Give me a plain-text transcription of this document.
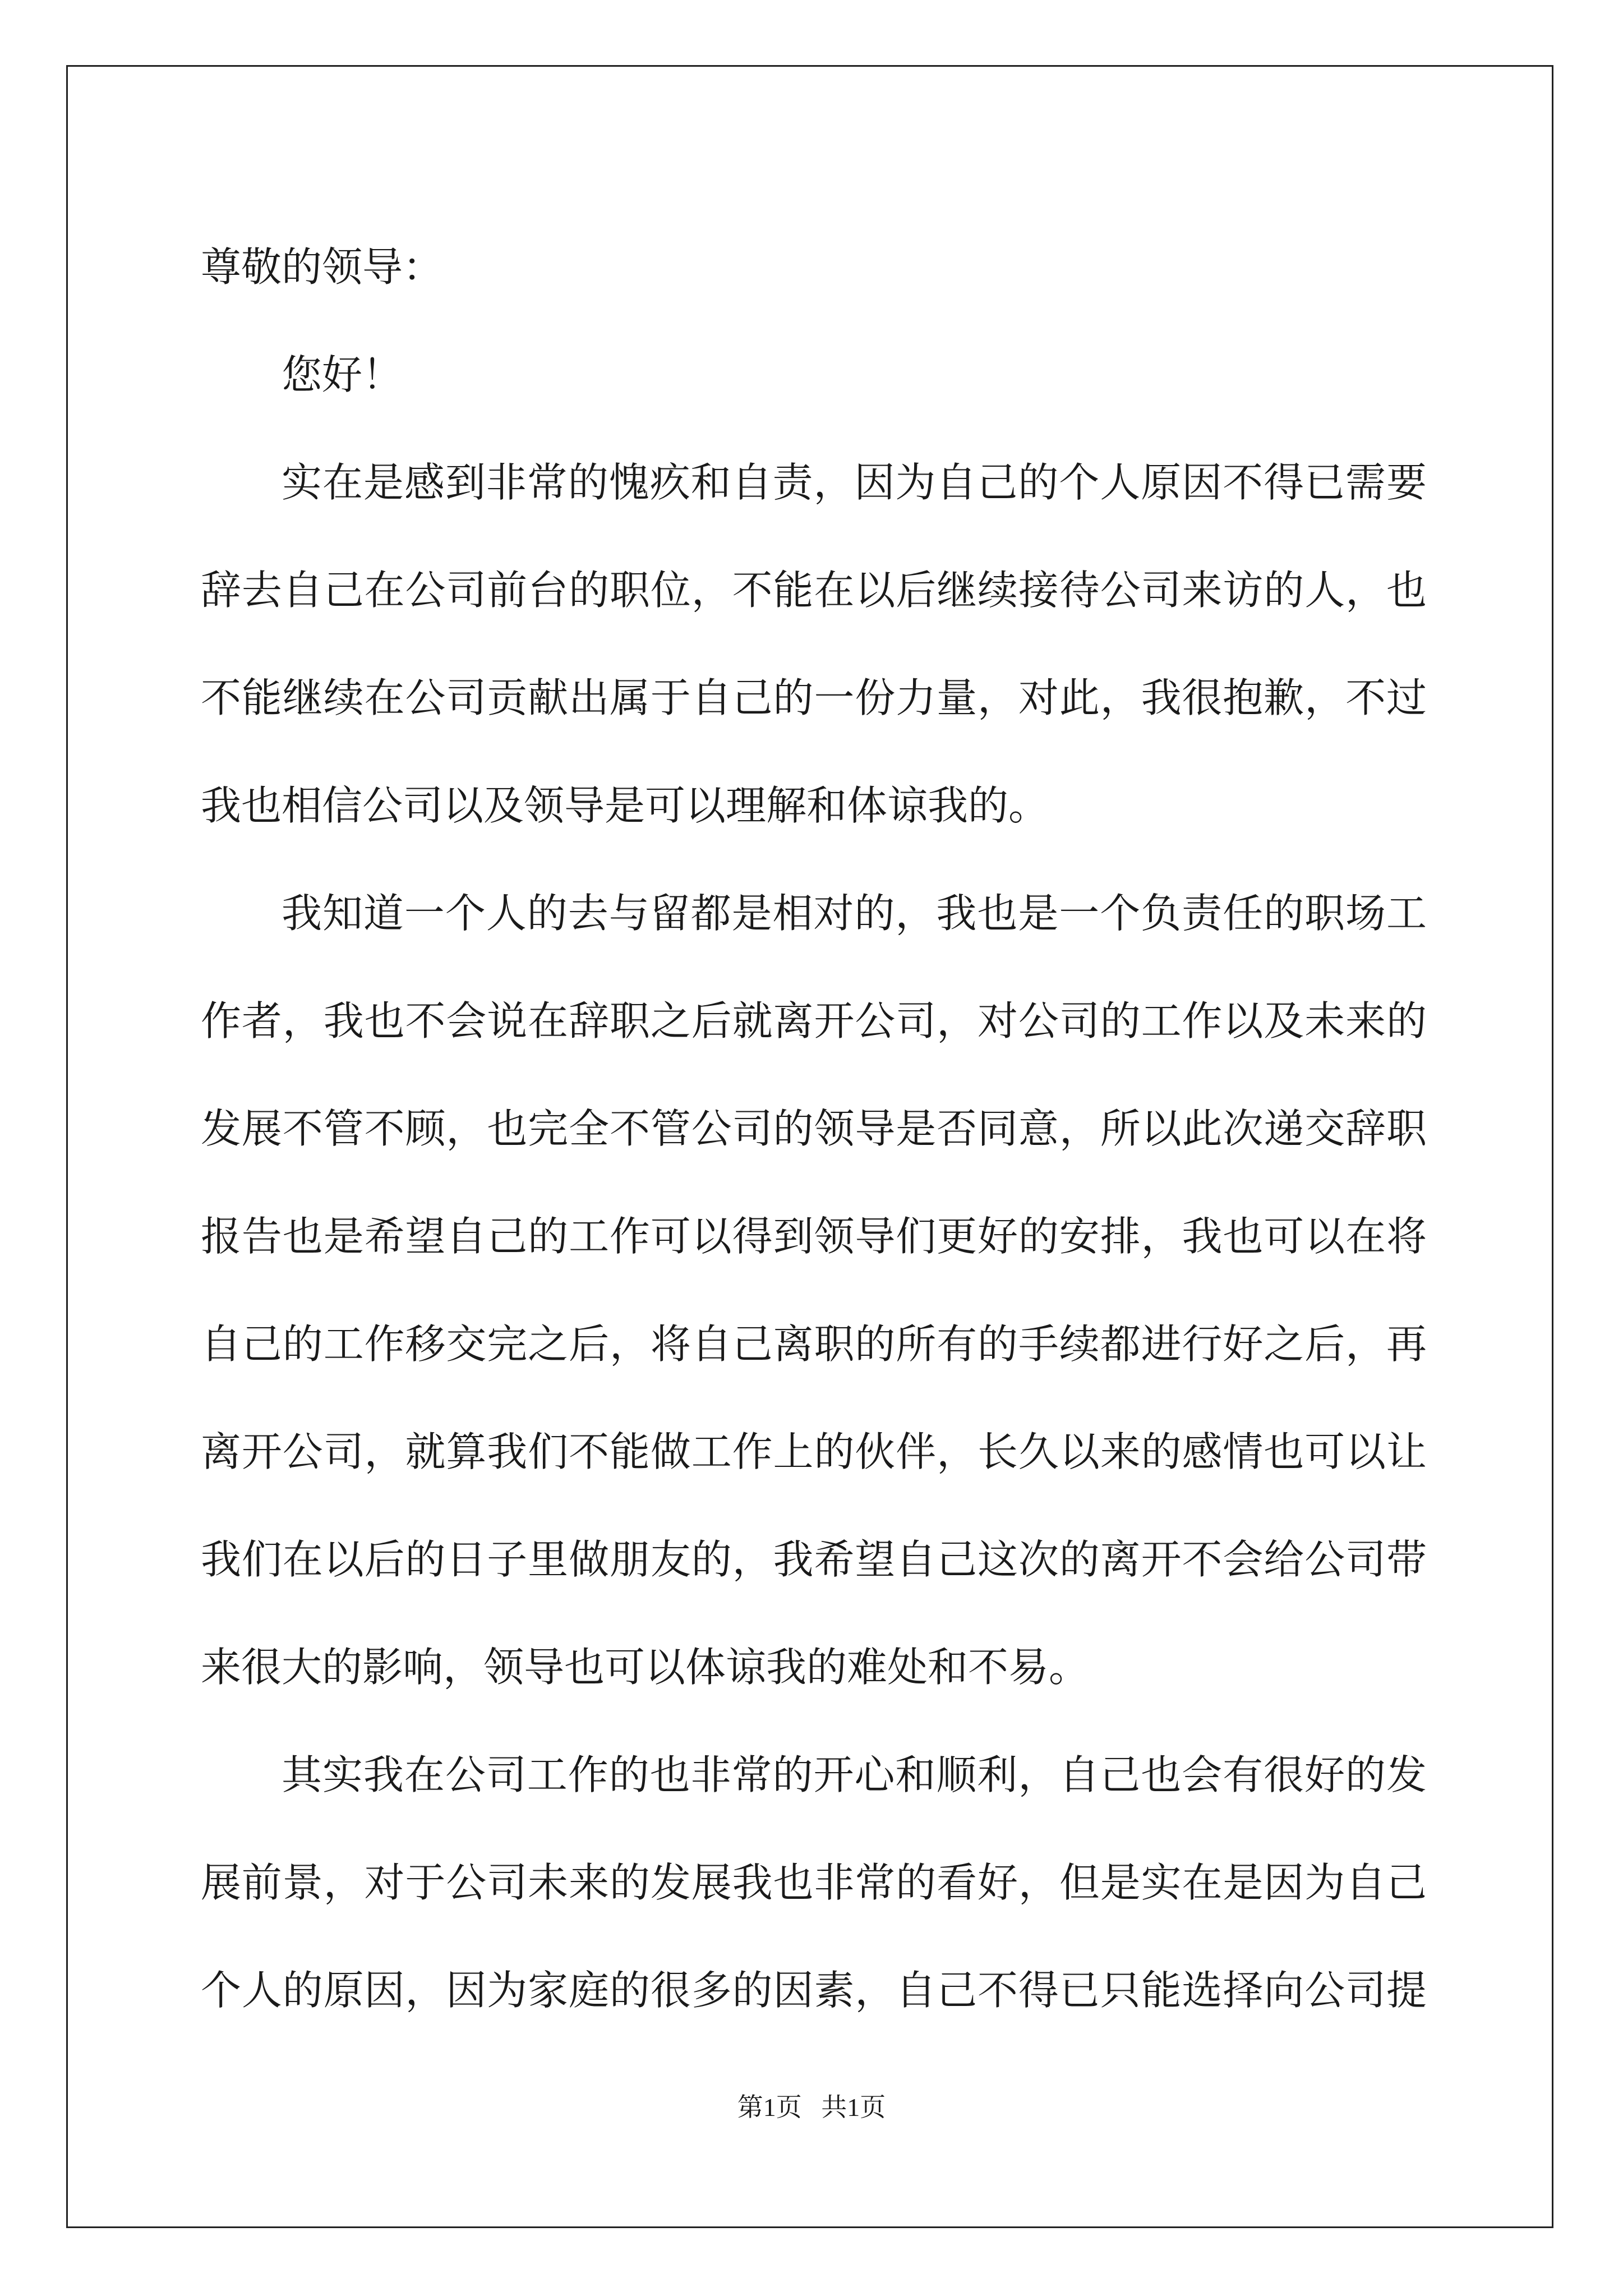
尊敬的领导：
您好！
实在是感到非常的愧疚和自责，因为自己的个人原因不得已需要
辞去自己在公司前台的职位，不能在以后继续接待公司来访的人，也
不能继续在公司贡献出属于自己的一份力量，对此，我很抱歉，不过
我也相信公司以及领导是可以理解和体谅我的。
我知道一个人的去与留都是相对的，我也是一个负责任的职场工
作者，我也不会说在辞职之后就离开公司，对公司的工作以及未来的
发展不管不顾，也完全不管公司的领导是否同意，所以此次递交辞职
报告也是希望自己的工作可以得到领导们更好的安排，我也可以在将
自己的工作移交完之后，将自己离职的所有的手续都进行好之后，再
离开公司，就算我们不能做工作上的伙伴，长久以来的感情也可以让
我们在以后的日子里做朋友的，我希望自己这次的离开不会给公司带
来很大的影响，领导也可以体谅我的难处和不易。
其实我在公司工作的也非常的开心和顺利，自己也会有很好的发
展前景，对于公司未来的发展我也非常的看好，但是实在是因为自己
个人的原因，因为家庭的很多的因素，自己不得已只能选择向公司提
第1页 共1页
